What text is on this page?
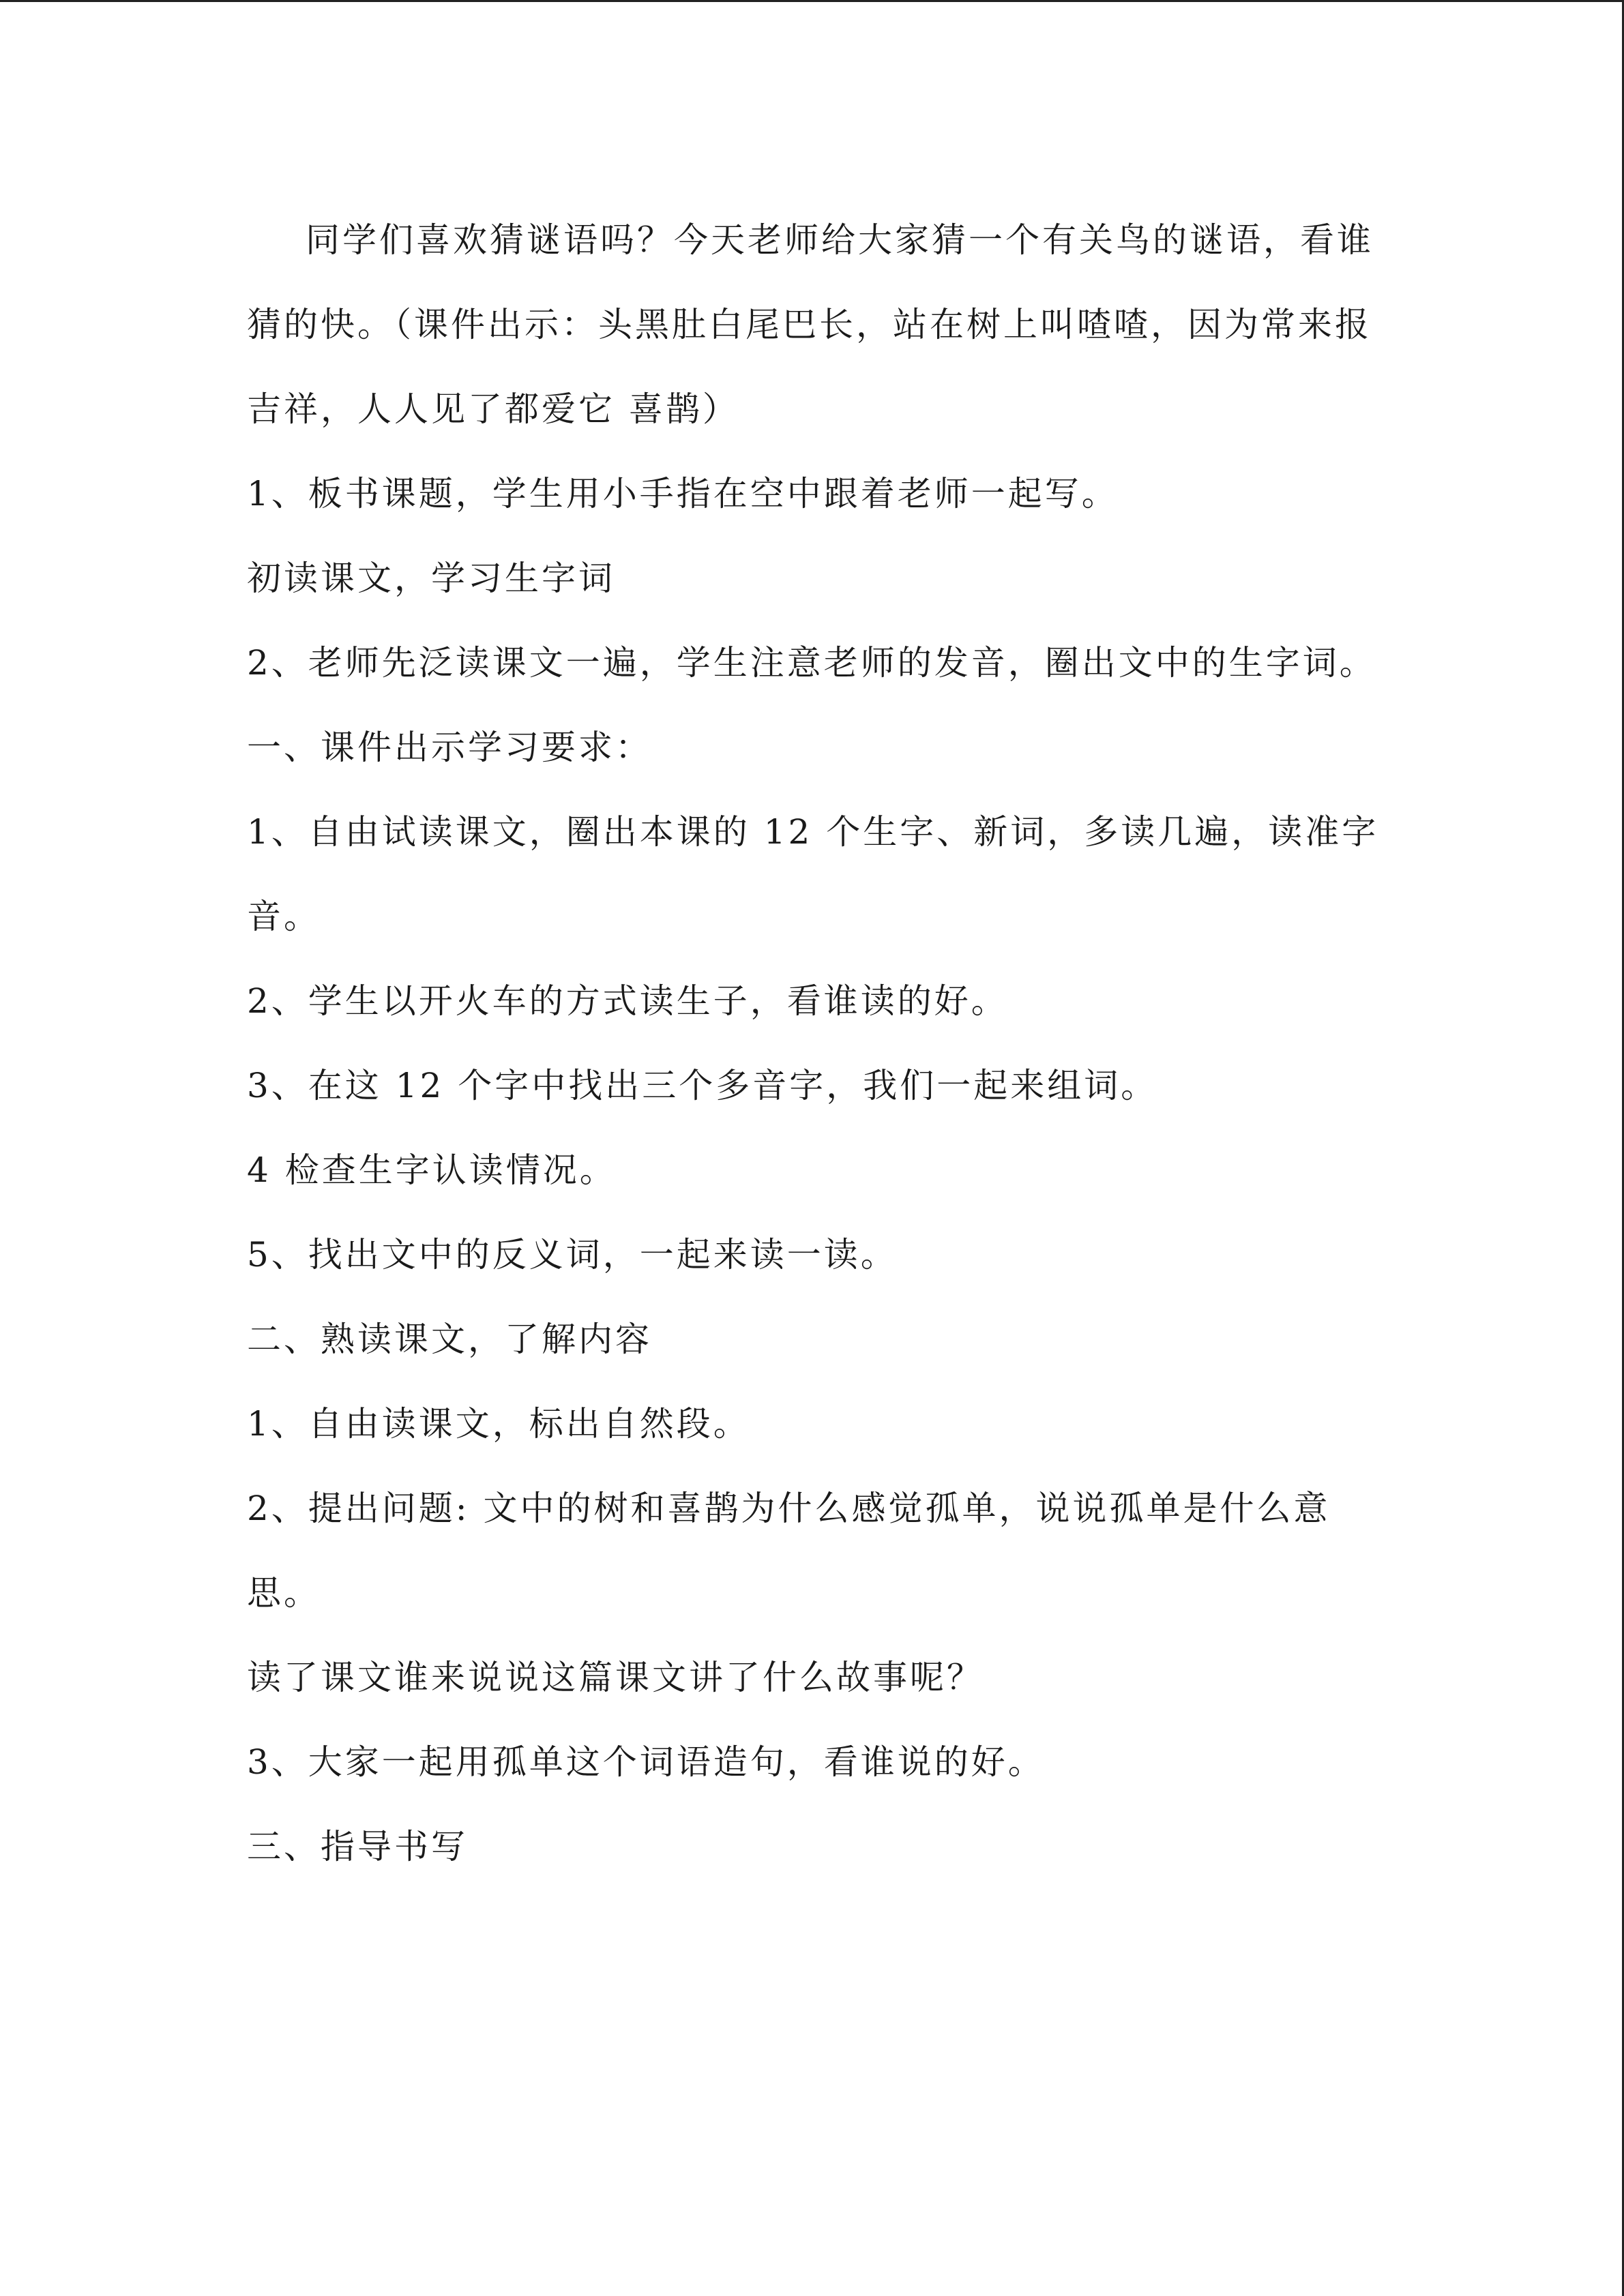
同学们喜欢猜谜语吗？今天老师给大家猜一个有关鸟的谜语，看谁猜的快。（课件出示：头黑肚白尾巴长，站在树上叫喳喳，因为常来报吉祥，人人见了都爱它 喜鹊）

1、板书课题，学生用小手指在空中跟着老师一起写。

初读课文，学习生字词

2、老师先泛读课文一遍，学生注意老师的发音，圈出文中的生字词。

一、课件出示学习要求：

1、自由试读课文，圈出本课的 12 个生字、新词，多读几遍，读准字音。

2、学生以开火车的方式读生子，看谁读的好。

3、在这 12 个字中找出三个多音字，我们一起来组词。

4 检查生字认读情况。

5、找出文中的反义词，一起来读一读。

二、熟读课文，了解内容

1、自由读课文，标出自然段。

2、提出问题: 文中的树和喜鹊为什么感觉孤单，说说孤单是什么意思。

读了课文谁来说说这篇课文讲了什么故事呢？

3、大家一起用孤单这个词语造句，看谁说的好。

三、指导书写
